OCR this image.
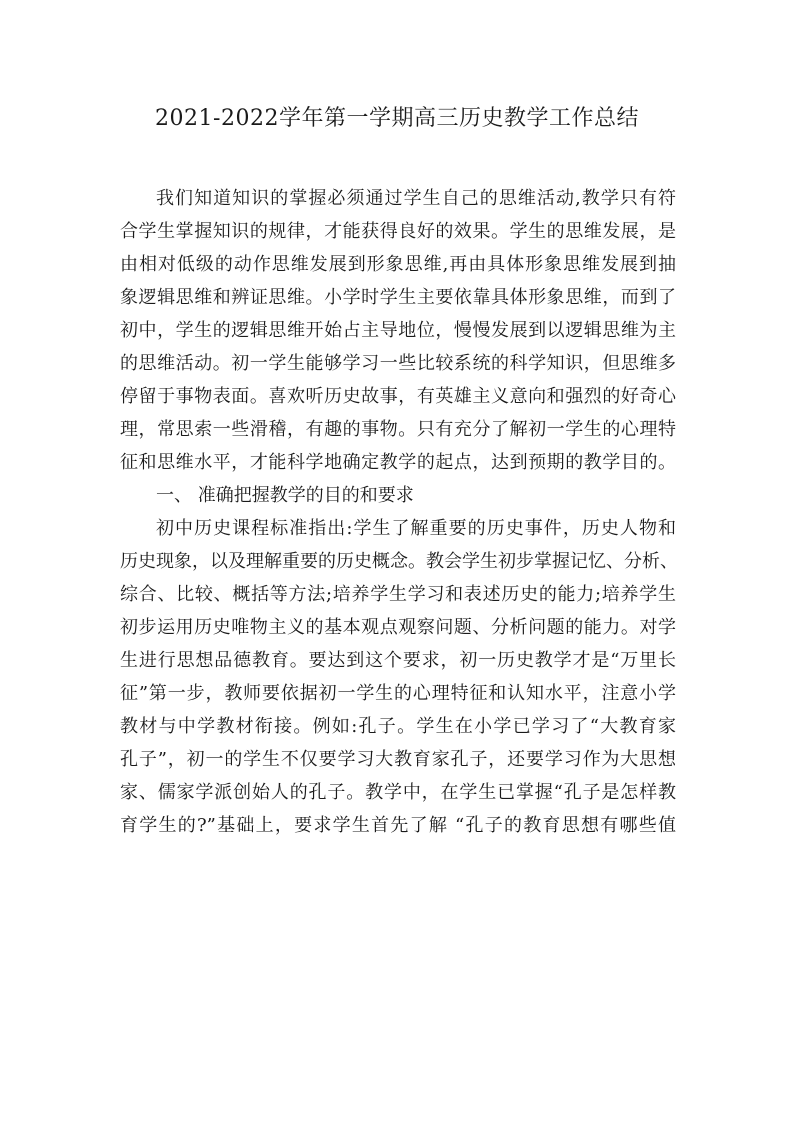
2021-2022学年第一学期高三历史教学工作总结
我们知道知识的掌握必须通过学生自己的思维活动,教学只有符
合学生掌握知识的规律，才能获得良好的效果。学生的思维发展，是
由相对低级的动作思维发展到形象思维,再由具体形象思维发展到抽
象逻辑思维和辨证思维。小学时学生主要依靠具体形象思维，而到了
初中，学生的逻辑思维开始占主导地位，慢慢发展到以逻辑思维为主
的思维活动。初一学生能够学习一些比较系统的科学知识，但思维多
停留于事物表面。喜欢听历史故事，有英雄主义意向和强烈的好奇心
理，常思索一些滑稽，有趣的事物。只有充分了解初一学生的心理特
征和思维水平，才能科学地确定教学的起点，达到预期的教学目的。
一、 准确把握教学的目的和要求
初中历史课程标准指出:学生了解重要的历史事件，历史人物和
历史现象，以及理解重要的历史概念。教会学生初步掌握记忆、分析、
综合、比较、概括等方法;培养学生学习和表述历史的能力;培养学生
初步运用历史唯物主义的基本观点观察问题、分析问题的能力。对学
生进行思想品德教育。要达到这个要求，初一历史教学才是“万里长
征”第一步，教师要依据初一学生的心理特征和认知水平，注意小学
教材与中学教材衔接。例如:孔子。学生在小学已学习了“大教育家
孔子”，初一的学生不仅要学习大教育家孔子，还要学习作为大思想
家、儒家学派创始人的孔子。教学中，在学生已掌握“孔子是怎样教
育学生的?”基础上，要求学生首先了解 “孔子的教育思想有哪些值
